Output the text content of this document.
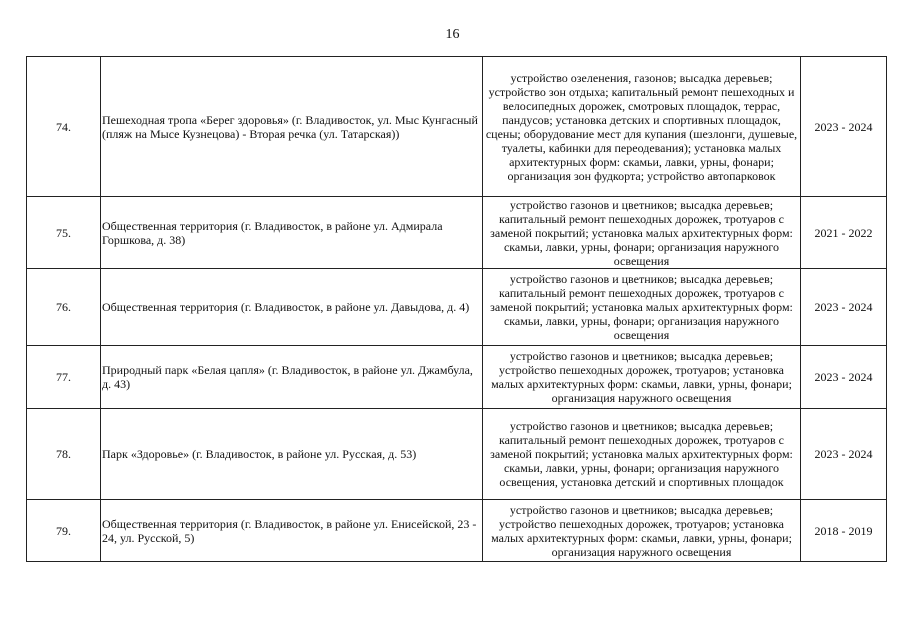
16
74.	Пешеходная тропа «Берег здоровья» (г. Владивосток, ул. Мыс Кунгасный (пляж на Мысе Кузнецова) - Вторая речка (ул. Татарская))	устройство озеленения, газонов; высадка деревьев; устройство зон отдыха; капитальный ремонт пешеходных и велосипедных дорожек, смотровых площадок, террас, пандусов; установка детских и спортивных площадок, сцены; оборудование мест для купания (шезлонги, душевые, туалеты, кабинки для переодевания); установка малых архитектурных форм: скамьи, лавки, урны, фонари; организация зон фудкорта; устройство автопарковок	2023 - 2024
75.	Общественная территория (г. Владивосток, в районе ул. Адмирала Горшкова, д. 38)	устройство газонов и цветников; высадка деревьев; капитальный ремонт пешеходных дорожек, тротуаров с заменой покрытий; установка малых архитектурных форм: скамьи, лавки, урны, фонари; организация наружного освещения	2021 - 2022
76.	Общественная территория (г. Владивосток, в районе ул. Давыдова, д. 4)	устройство газонов и цветников; высадка деревьев; капитальный ремонт пешеходных дорожек, тротуаров с заменой покрытий; установка малых архитектурных форм: скамьи, лавки, урны, фонари; организация наружного освещения	2023 - 2024
77.	Природный парк «Белая цапля» (г. Владивосток, в районе ул. Джамбула, д. 43)	устройство газонов и цветников; высадка деревьев; устройство пешеходных дорожек, тротуаров; установка малых архитектурных форм: скамьи, лавки, урны, фонари; организация наружного освещения	2023 - 2024
78.	Парк «Здоровье» (г. Владивосток, в районе ул. Русская, д. 53)	устройство газонов и цветников; высадка деревьев; капитальный ремонт пешеходных дорожек, тротуаров с заменой покрытий; установка малых архитектурных форм: скамьи, лавки, урны, фонари; организация наружного освещения, установка детский и спортивных площадок	2023 - 2024
79.	Общественная территория (г. Владивосток, в районе ул. Енисейской, 23 - 24, ул. Русской, 5)	устройство газонов и цветников; высадка деревьев; устройство пешеходных дорожек, тротуаров; установка малых архитектурных форм: скамьи, лавки, урны, фонари; организация наружного освещения	2018 - 2019
